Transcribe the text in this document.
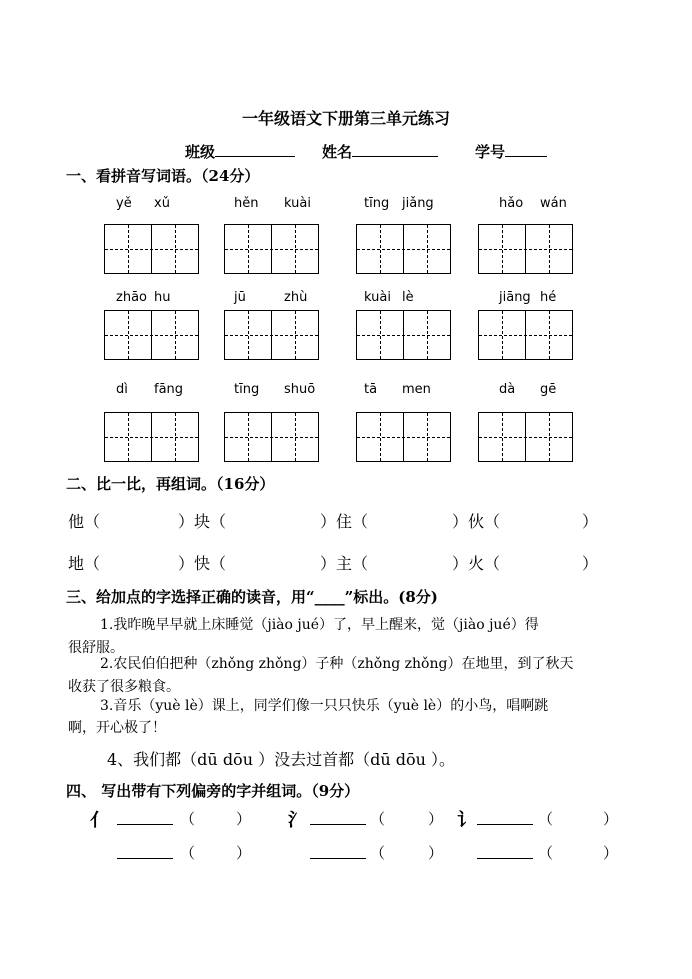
一年级语文下册第三单元练习
班级	姓名	学号
一、看拼音写词语。（24分）
yě xǔ	hěn kuài	tīng jiǎng	hǎo wán
zhāo hu	jū	zhù	kuài lè	jiāng hé
dì fāng	tīng shuō	tā men	dà gē
二、比一比，再组词。（16分）
他（	）块（	）住（	）伙（	）
地（	）快（	）主（	）火（	）
三、给加点的字选择正确的读音，用“____”标出。(8分)
1.我昨晚早早就上床睡觉（jiào jué）了，早上醒来，觉（jiào jué）得
很舒服。
2.农民伯伯把种（zhǒng zhǒng）子种（zhǒng zhǒng）在地里，到了秋天
收获了很多粮食。
3.音乐（yuè lè）课上，同学们像一只只快乐（yuè lè）的小鸟，唱啊跳
啊，开心极了！
4、我们都（dū dōu ）没去过首都（dū dōu ）。
四、 写出带有下列偏旁的字并组词。（9分）
亻	氵	讠
（	）	（	）	（	）
（	）	（	）	（	）
